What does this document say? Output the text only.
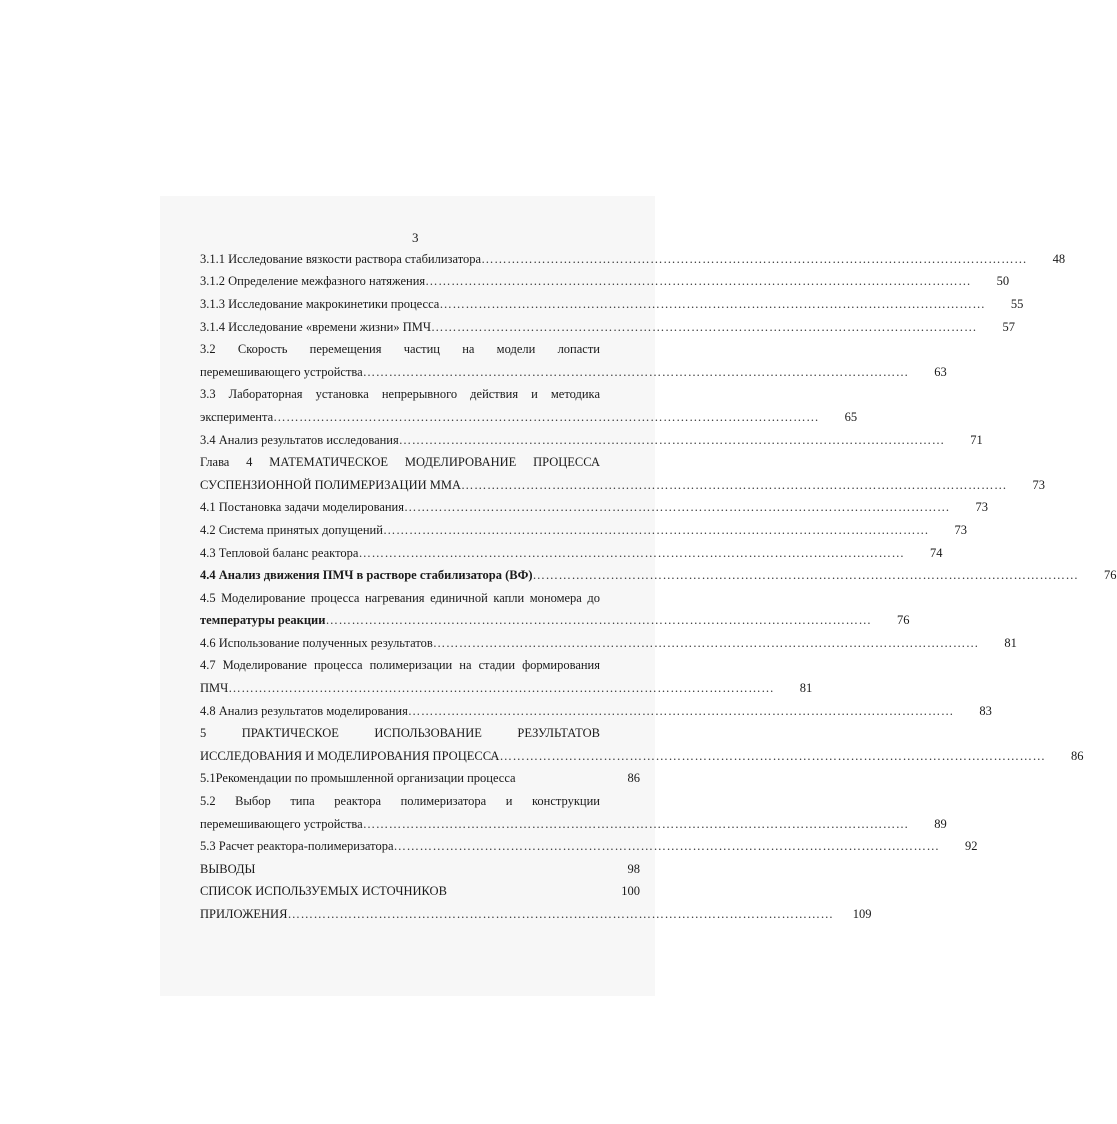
3
3.1.1 Исследование вязкости раствора стабилизатора ………………………………………………………………………………………………………………	48
3.1.2 Определение межфазного натяжения ………………………………………………………………………………………………………………	50
3.1.3 Исследование макрокинетики процесса ………………………………………………………………………………………………………………	55
3.1.4 Исследование «времени жизни» ПМЧ ………………………………………………………………………………………………………………	57
3.2 Скорость перемещения частиц на модели лопасти
перемешивающего устройства ………………………………………………………………………………………………………………	63
3.3 Лабораторная установка непрерывного действия и методика
эксперимента ………………………………………………………………………………………………………………	65
3.4 Анализ результатов исследования ………………………………………………………………………………………………………………	71
Глава 4 МАТЕМАТИЧЕСКОЕ МОДЕЛИРОВАНИЕ ПРОЦЕССА
СУСПЕНЗИОННОЙ ПОЛИМЕРИЗАЦИИ ММА ………………………………………………………………………………………………………………	73
4.1 Постановка задачи моделирования ………………………………………………………………………………………………………………	73
4.2 Система принятых допущений ………………………………………………………………………………………………………………	73
4.3 Тепловой баланс реактора ………………………………………………………………………………………………………………	74
4.4 Анализ движения ПМЧ в растворе стабилизатора (ВФ) ………………………………………………………………………………………………………………	76
4.5 Моделирование процесса нагревания единичной капли мономера до
температуры реакции ………………………………………………………………………………………………………………	76
4.6 Использование полученных результатов ………………………………………………………………………………………………………………	81
4.7 Моделирование процесса полимеризации на стадии формирования
ПМЧ ………………………………………………………………………………………………………………	81
4.8 Анализ результатов моделирования ………………………………………………………………………………………………………………	83
5 ПРАКТИЧЕСКОЕ ИСПОЛЬЗОВАНИЕ РЕЗУЛЬТАТОВ
ИССЛЕДОВАНИЯ И МОДЕЛИРОВАНИЯ ПРОЦЕССА ………………………………………………………………………………………………………………	86
5.1Рекомендации по промышленной организации процесса	86
5.2 Выбор типа реактора полимеризатора и конструкции
перемешивающего устройства ………………………………………………………………………………………………………………	89
5.3 Расчет реактора-полимеризатора ………………………………………………………………………………………………………………	92
ВЫВОДЫ	98
СПИСОК ИСПОЛЬЗУЕМЫХ ИСТОЧНИКОВ	100
ПРИЛОЖЕНИЯ ………………………………………………………………………………………………………………	109
